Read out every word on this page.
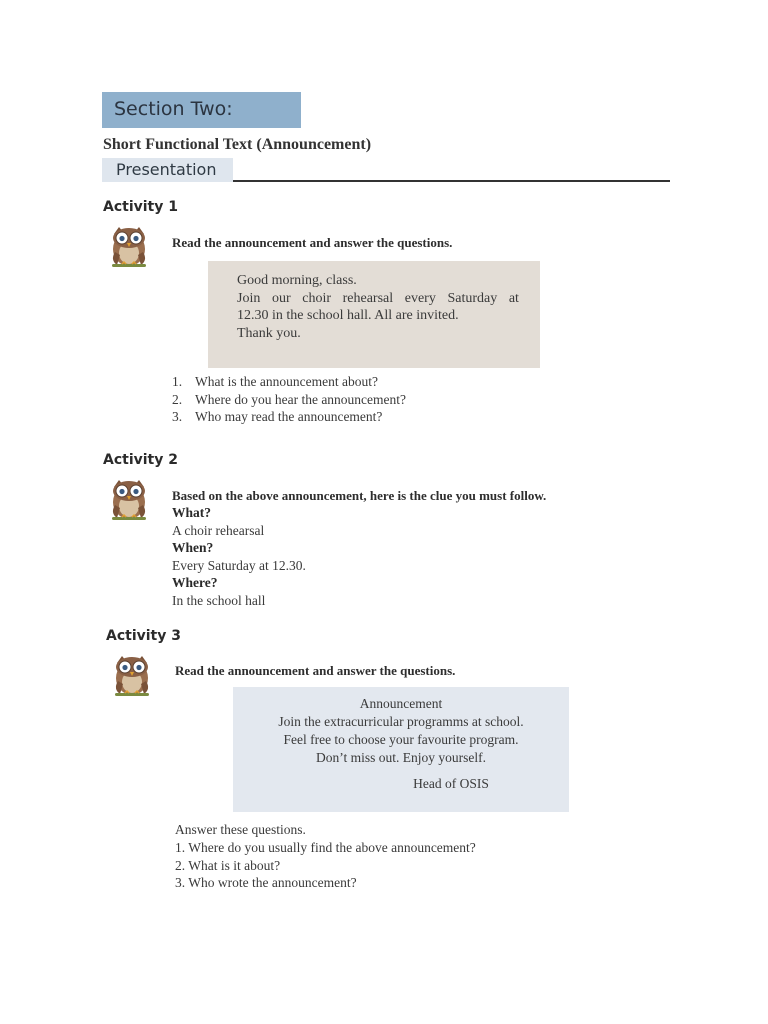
Section Two:
Short Functional Text (Announcement)
Presentation
Activity 1
Read the announcement and answer the questions.
Good morning, class.
Join our choir rehearsal every Saturday at
12.30 in the school hall. All are invited.
Thank you.
1. What is the announcement about?
2. Where do you hear the announcement?
3. Who may read the announcement?
Activity 2
Based on the above announcement, here is the clue you must follow.
What?
A choir rehearsal
When?
Every Saturday at 12.30.
Where?
In the school hall
Activity 3
Read the announcement and answer the questions.
Announcement
Join the extracurricular programms at school.
Feel free to choose your favourite program.
Don’t miss out. Enjoy yourself.
Head of OSIS
Answer these questions.
1. Where do you usually find the above announcement?
2. What is it about?
3. Who wrote the announcement?
